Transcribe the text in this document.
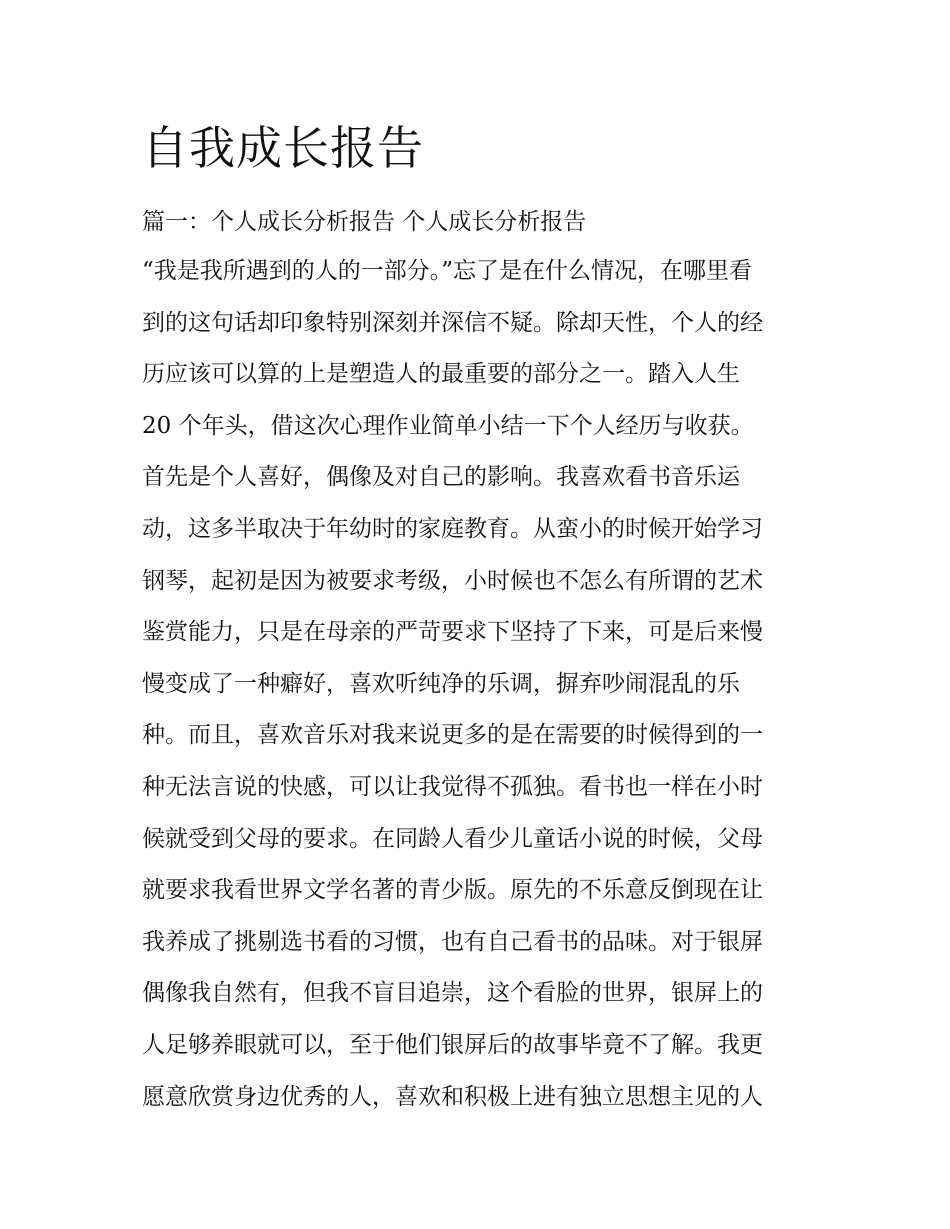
自我成长报告
篇一：个人成长分析报告 个人成长分析报告
“我是我所遇到的人的一部分。”忘了是在什么情况，在哪里看
到的这句话却印象特别深刻并深信不疑。除却天性，个人的经
历应该可以算的上是塑造人的最重要的部分之一。踏入人生
20 个年头，借这次心理作业简单小结一下个人经历与收获。
首先是个人喜好，偶像及对自己的影响。我喜欢看书音乐运
动，这多半取决于年幼时的家庭教育。从蛮小的时候开始学习
钢琴，起初是因为被要求考级，小时候也不怎么有所谓的艺术
鉴赏能力，只是在母亲的严苛要求下坚持了下来，可是后来慢
慢变成了一种癖好，喜欢听纯净的乐调，摒弃吵闹混乱的乐
种。而且，喜欢音乐对我来说更多的是在需要的时候得到的一
种无法言说的快感，可以让我觉得不孤独。看书也一样在小时
候就受到父母的要求。在同龄人看少儿童话小说的时候，父母
就要求我看世界文学名著的青少版。原先的不乐意反倒现在让
我养成了挑剔选书看的习惯，也有自己看书的品味。对于银屏
偶像我自然有，但我不盲目追崇，这个看脸的世界，银屏上的
人足够养眼就可以，至于他们银屏后的故事毕竟不了解。我更
愿意欣赏身边优秀的人，喜欢和积极上进有独立思想主见的人
